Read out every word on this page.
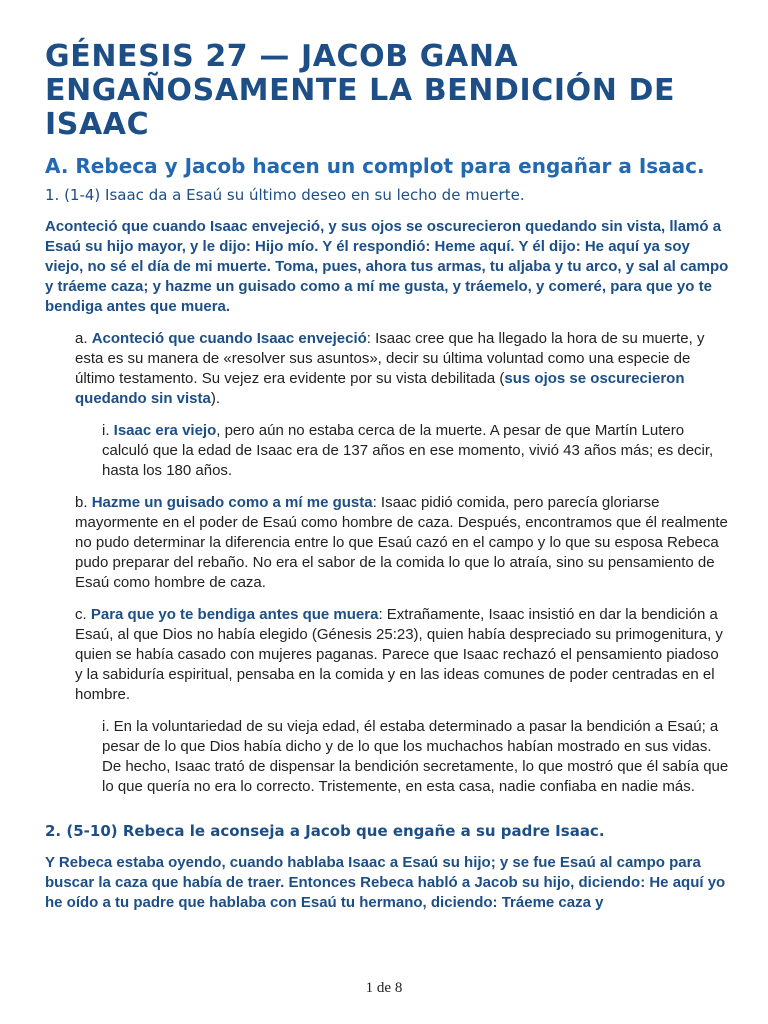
GÉNESIS 27 — JACOB GANA ENGAÑOSAMENTE LA BENDICIÓN DE ISAAC
A. Rebeca y Jacob hacen un complot para engañar a Isaac.
1. (1-4) Isaac da a Esaú su último deseo en su lecho de muerte.

Aconteció que cuando Isaac envejeció, y sus ojos se oscurecieron quedando sin vista, llamó a Esaú su hijo mayor, y le dijo: Hijo mío. Y él respondió: Heme aquí. Y él dijo: He aquí ya soy viejo, no sé el día de mi muerte. Toma, pues, ahora tus armas, tu aljaba y tu arco, y sal al campo y tráeme caza; y hazme un guisado como a mí me gusta, y tráemelo, y comeré, para que yo te bendiga antes que muera.

a. Aconteció que cuando Isaac envejeció: Isaac cree que ha llegado la hora de su muerte, y esta es su manera de «resolver sus asuntos», decir su última voluntad como una especie de último testamento. Su vejez era evidente por su vista debilitada (sus ojos se oscurecieron quedando sin vista).
i. Isaac era viejo, pero aún no estaba cerca de la muerte. A pesar de que Martín Lutero calculó que la edad de Isaac era de 137 años en ese momento, vivió 43 años más; es decir, hasta los 180 años.
b. Hazme un guisado como a mí me gusta: Isaac pidió comida, pero parecía gloriarse mayormente en el poder de Esaú como hombre de caza. Después, encontramos que él realmente no pudo determinar la diferencia entre lo que Esaú cazó en el campo y lo que su esposa Rebeca pudo preparar del rebaño. No era el sabor de la comida lo que lo atraía, sino su pensamiento de Esaú como hombre de caza.
c. Para que yo te bendiga antes que muera: Extrañamente, Isaac insistió en dar la bendición a Esaú, al que Dios no había elegido (Génesis 25:23), quien había despreciado su primogenitura, y quien se había casado con mujeres paganas. Parece que Isaac rechazó el pensamiento piadoso y la sabiduría espiritual, pensaba en la comida y en las ideas comunes de poder centradas en el hombre.
i. En la voluntariedad de su vieja edad, él estaba determinado a pasar la bendición a Esaú; a pesar de lo que Dios había dicho y de lo que los muchachos habían mostrado en sus vidas. De hecho, Isaac trató de dispensar la bendición secretamente, lo que mostró que él sabía que lo que quería no era lo correcto. Tristemente, en esta casa, nadie confiaba en nadie más.
2. (5-10) Rebeca le aconseja a Jacob que engañe a su padre Isaac.

Y Rebeca estaba oyendo, cuando hablaba Isaac a Esaú su hijo; y se fue Esaú al campo para buscar la caza que había de traer. Entonces Rebeca habló a Jacob su hijo, diciendo: He aquí yo he oído a tu padre que hablaba con Esaú tu hermano, diciendo: Tráeme caza y

1 de 8
